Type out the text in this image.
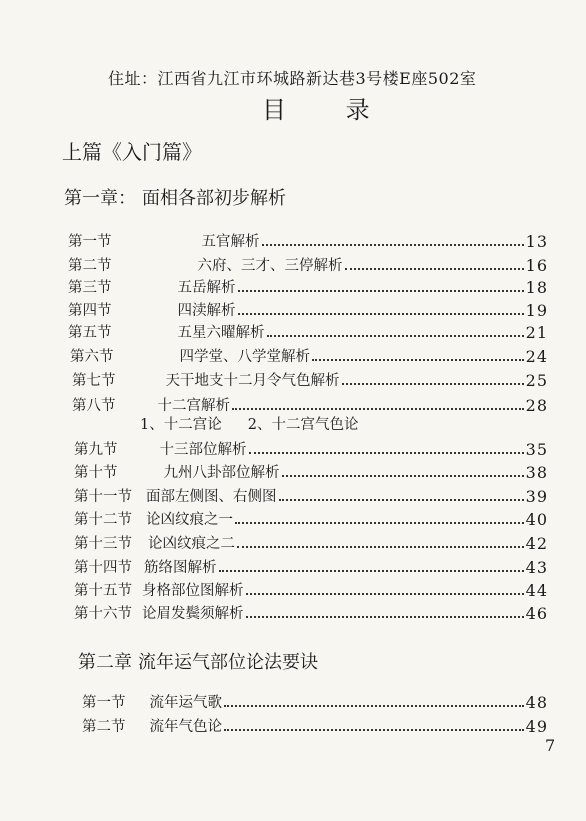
住址：江西省九江市环城路新达巷3号楼E座502室
目 录
上篇《入门篇》
第一章： 面相各部初步解析
第一节	五官解析	13
第二节	六府、三才、三停解析	16
第三节	五岳解析	18
第四节	四渎解析	19
第五节	五星六曜解析	21
第六节	四学堂、八学堂解析	24
第七节	天干地支十二月令气色解析	25
第八节	十二宫解析	28
第九节	十三部位解析	35
第十节	九州八卦部位解析	38
第十一节 面部左侧图、右侧图	39
第十二节 论凶纹痕之一	40
第十三节 论凶纹痕之二	42
第十四节 筋络图解析	43
第十五节 身格部位图解析	44
第十六节 论眉发鬓须解析	46
1、十二宫论 2、十二宫气色论
第二章 流年运气部位论法要诀
第一节 流年运气歌	48
第二节 流年气色论	49
7
